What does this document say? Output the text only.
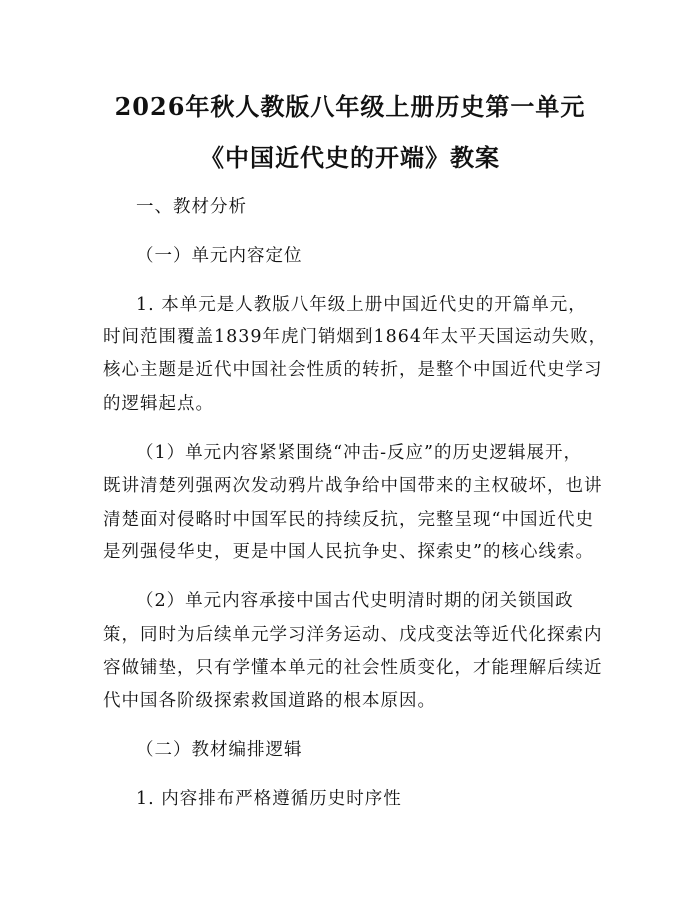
2026年秋人教版八年级上册历史第一单元
《中国近代史的开端》教案
一、教材分析
（一）单元内容定位
1. 本单元是人教版八年级上册中国近代史的开篇单元，
时间范围覆盖1839年虎门销烟到1864年太平天国运动失败，
核心主题是近代中国社会性质的转折，是整个中国近代史学习
的逻辑起点。
（1）单元内容紧紧围绕“冲击-反应”的历史逻辑展开，
既讲清楚列强两次发动鸦片战争给中国带来的主权破坏，也讲
清楚面对侵略时中国军民的持续反抗，完整呈现“中国近代史
是列强侵华史，更是中国人民抗争史、探索史”的核心线索。
（2）单元内容承接中国古代史明清时期的闭关锁国政
策，同时为后续单元学习洋务运动、戊戌变法等近代化探索内
容做铺垫，只有学懂本单元的社会性质变化，才能理解后续近
代中国各阶级探索救国道路的根本原因。
（二）教材编排逻辑
1. 内容排布严格遵循历史时序性
